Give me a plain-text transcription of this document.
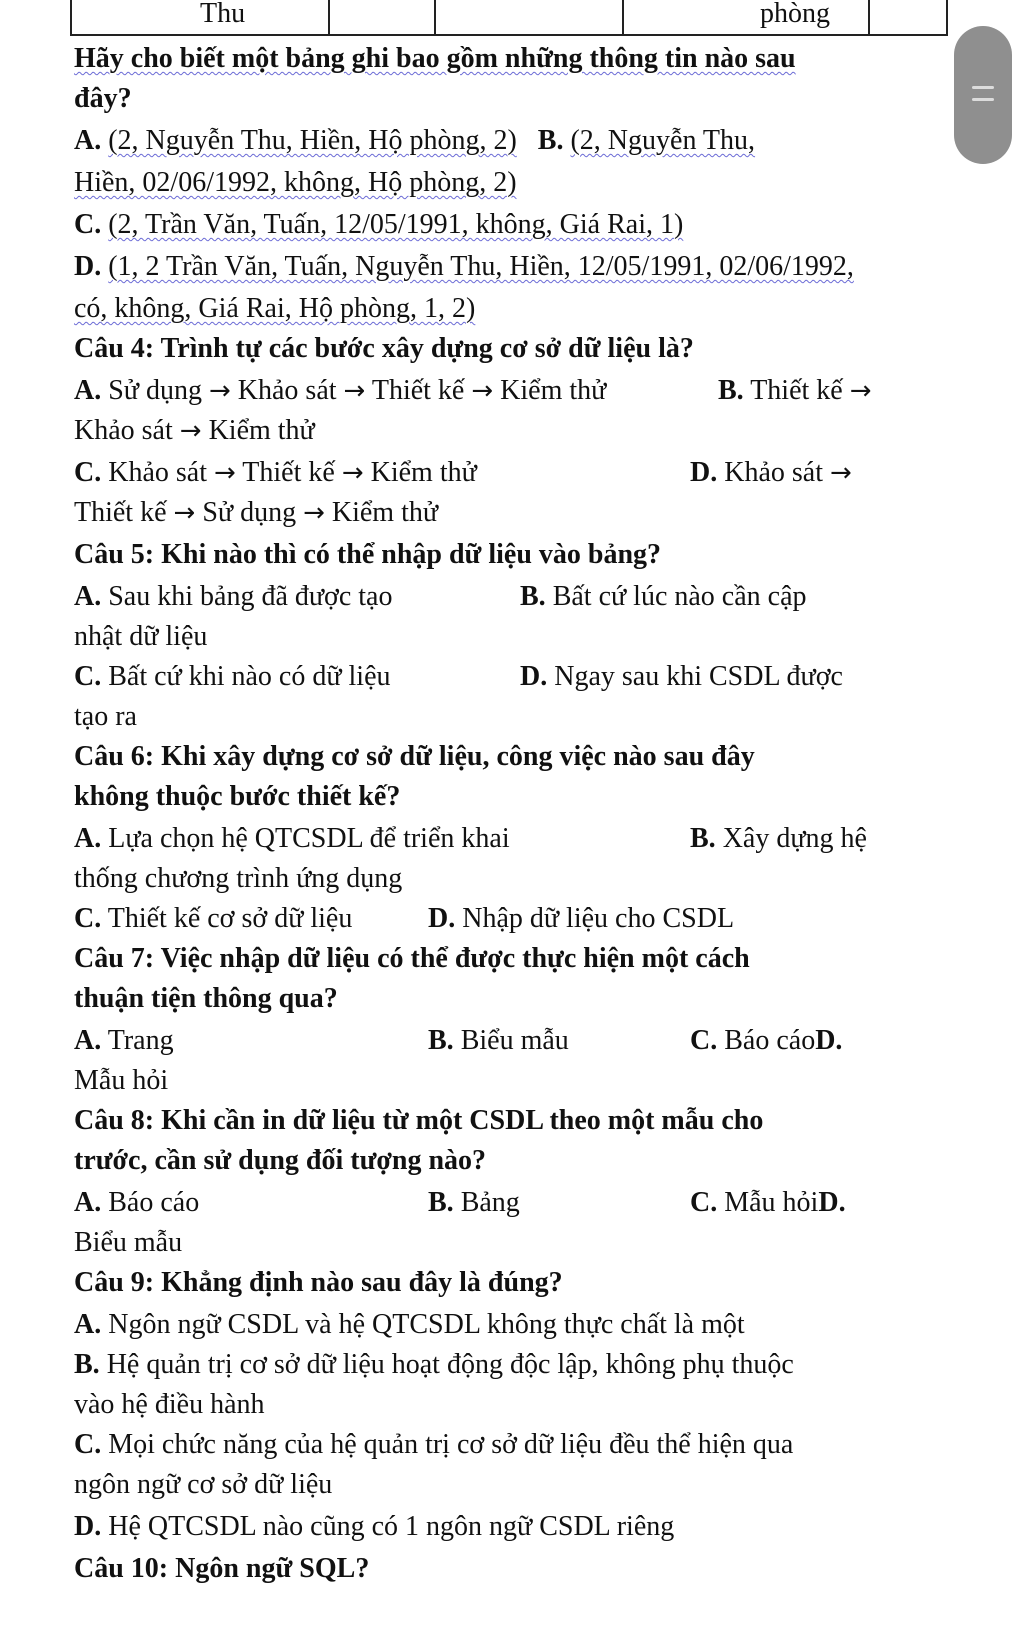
Thu	phòng
Hãy cho biết một bảng ghi bao gồm những thông tin nào sau
đây?
A. (2, Nguyễn Thu, Hiền, Hộ phòng, 2) B. (2, Nguyễn Thu,
Hiền, 02/06/1992, không, Hộ phòng, 2)
C. (2, Trần Văn, Tuấn, 12/05/1991, không, Giá Rai, 1)
D. (1, 2 Trần Văn, Tuấn, Nguyễn Thu, Hiền, 12/05/1991, 02/06/1992,
có, không, Giá Rai, Hộ phòng, 1, 2)
Câu 4: Trình tự các bước xây dựng cơ sở dữ liệu là?
A. Sử dụng → Khảo sát → Thiết kế → Kiểm thử	B. Thiết kế →
Khảo sát → Kiểm thử
C. Khảo sát → Thiết kế → Kiểm thử	D. Khảo sát →
Thiết kế → Sử dụng → Kiểm thử
Câu 5: Khi nào thì có thể nhập dữ liệu vào bảng?
A. Sau khi bảng đã được tạo	B. Bất cứ lúc nào cần cập
nhật dữ liệu
C. Bất cứ khi nào có dữ liệu	D. Ngay sau khi CSDL được
tạo ra
Câu 6: Khi xây dựng cơ sở dữ liệu, công việc nào sau đây
không thuộc bước thiết kế?
A. Lựa chọn hệ QTCSDL để triển khai	B. Xây dựng hệ
thống chương trình ứng dụng
C. Thiết kế cơ sở dữ liệu	D. Nhập dữ liệu cho CSDL
Câu 7: Việc nhập dữ liệu có thể được thực hiện một cách
thuận tiện thông qua?
A. Trang	B. Biểu mẫu	C. Báo cáoD.
Mẫu hỏi
Câu 8: Khi cần in dữ liệu từ một CSDL theo một mẫu cho
trước, cần sử dụng đối tượng nào?
A. Báo cáo	B. Bảng	C. Mẫu hỏiD.
Biểu mẫu
Câu 9: Khẳng định nào sau đây là đúng?
A. Ngôn ngữ CSDL và hệ QTCSDL không thực chất là một
B. Hệ quản trị cơ sở dữ liệu hoạt động độc lập, không phụ thuộc
vào hệ điều hành
C. Mọi chức năng của hệ quản trị cơ sở dữ liệu đều thể hiện qua
ngôn ngữ cơ sở dữ liệu
D. Hệ QTCSDL nào cũng có 1 ngôn ngữ CSDL riêng
Câu 10: Ngôn ngữ SQL?
